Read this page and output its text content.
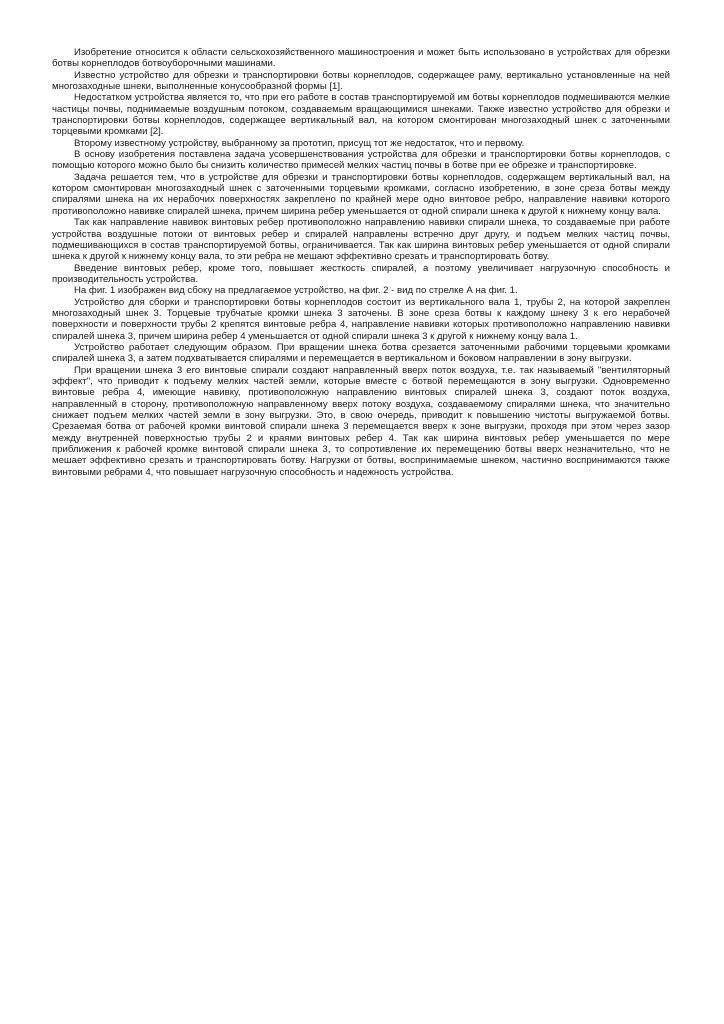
Изобретение относится к области сельскохозяйственного машиностроения и может быть использовано в устройствах для обрезки ботвы корнеплодов ботвоуборочными машинами.

Известно устройство для обрезки и транспортировки ботвы корнеплодов, содержащее раму, вертикально установленные на ней многозаходные шнеки, выполненные конусообразной формы [1].

Недостатком устройства является то, что при его работе в состав транспортируемой им ботвы корнеплодов подмешиваются мелкие частицы почвы, поднимаемые воздушным потоком, создаваемым вращающимися шнеками. Также известно устройство для обрезки и транспортировки ботвы корнеплодов, содержащее вертикальный вал, на котором смонтирован многозаходный шнек с заточенными торцевыми кромками [2].

Второму известному устройству, выбранному за прототип, присущ тот же недостаток, что и первому.

В основу изобретения поставлена задача усовершенствования устройства для обрезки и транспортировки ботвы корнеплодов, с помощью которого можно было бы снизить количество примесей мелких частиц почвы в ботве при ее обрезке и транспортировке.

Задача решается тем, что в устройстве для обрезки и транспортировки ботвы корнеплодов, содержащем вертикальный вал, на котором смонтирован многозаходный шнек с заточенными торцевыми кромками, согласно изобретению, в зоне среза ботвы между спиралями шнека на их нерабочих поверхностях закреплено по крайней мере одно винтовое ребро, направление навивки которого противоположно навивке спиралей шнека, причем ширина ребер уменьшается от одной спирали шнека к другой к нижнему концу вала.

Так как направление навивок винтовых ребер противоположно направлению навивки спирали шнека, то создаваемые при работе устройства воздушные потоки от винтовых ребер и спиралей направлены встречно друг другу, и подъем мелких частиц почвы, подмешивающихся в состав транспортируемой ботвы, ограничивается. Так как ширина винтовых ребер уменьшается от одной спирали шнека к другой к нижнему концу вала, то эти ребра не мешают эффективно срезать и транспортировать ботву.

Введение винтовых ребер, кроме того, повышает жесткость спиралей, а поэтому увеличивает нагрузочную способность и производительность устройства.

На фиг. 1 изображен вид сбоку на предлагаемое устройство, на фиг. 2 - вид по стрелке А на фиг. 1.

Устройство для сборки и транспортировки ботвы корнеплодов состоит из вертикального вала 1, трубы 2, на которой закреплен многозаходный шнек 3. Торцевые трубчатые кромки шнека 3 заточены. В зоне среза ботвы к каждому шнеку 3 к его нерабочей поверхности и поверхности трубы 2 крепятся винтовые ребра 4, направление навивки которых противоположно направлению навивки спиралей шнека 3, причем ширина ребер 4 уменьшается от одной спирали шнека 3 к другой к нижнему концу вала 1.

Устройство работает следующим образом. При вращении шнека ботва срезается заточенными рабочими торцевыми кромками спиралей шнека 3, а затем подхватывается спиралями и перемещается в вертикальном и боковом направлении в зону выгрузки.

При вращении шнека 3 его винтовые спирали создают направленный вверх поток воздуха, т.е. так называемый "вентиляторный эффект", что приводит к подъему мелких частей земли, которые вместе с ботвой перемещаются в зону выгрузки. Одновременно винтовые ребра 4, имеющие навивку, противоположную направлению винтовых спиралей шнека 3, создают поток воздуха, направленный в сторону, противоположную направленному вверх потоку воздуха, создаваемому спиралями шнека, что значительно снижает подъем мелких частей земли в зону выгрузки. Это, в свою очередь, приводит к повышению чистоты выгружаемой ботвы. Срезаемая ботва от рабочей кромки винтовой спирали шнека 3 перемещается вверх к зоне выгрузки, проходя при этом через зазор между внутренней поверхностью трубы 2 и краями винтовых ребер 4. Так как ширина винтовых ребер уменьшается по мере приближения к рабочей кромке винтовой спирали шнека 3, то сопротивление их перемещению ботвы вверх незначительно, что не мешает эффективно срезать и транспортировать ботву. Нагрузки от ботвы, воспринимаемые шнеком, частично воспринимаются также винтовыми ребрами 4, что повышает нагрузочную способность и надежность устройства.
